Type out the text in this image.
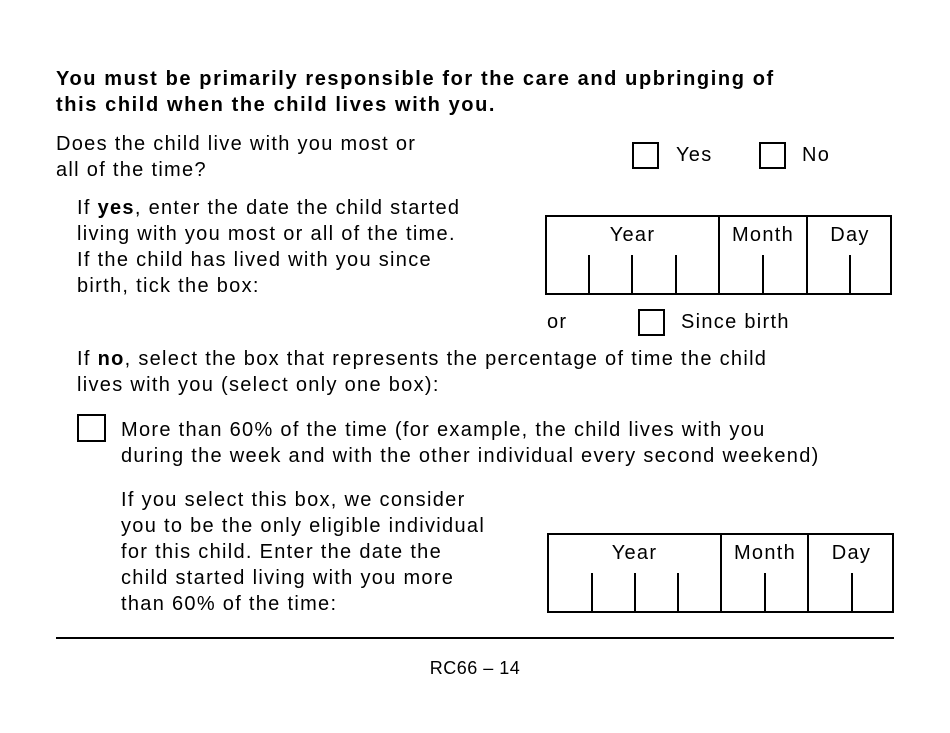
You must be primarily responsible for the care and upbringing of
this child when the child lives with you.
Does the child live with you most or
all of the time?
Yes	No
If yes, enter the date the child started
living with you most or all of the time.
If the child has lived with you since
birth, tick the box:
Year	Month	Day
or	Since birth
If no, select the box that represents the percentage of time the child
lives with you (select only one box):
More than 60% of the time (for example, the child lives with you
during the week and with the other individual every second weekend)
If you select this box, we consider
you to be the only eligible individual
for this child. Enter the date the
child started living with you more
than 60% of the time:
Year	Month	Day
RC66 – 14
